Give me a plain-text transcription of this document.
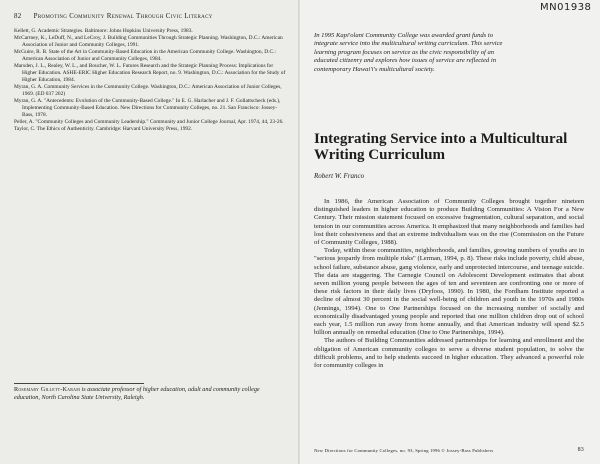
82 Promoting Community Renewal Through Civic Literacy

Kellett, G. Academic Strategies. Baltimore: Johns Hopkins University Press, 1983.

McCartney, K., LeDuff, N., and LeCroy, J. Building Communities Through Strategic Planning. Washington, D.C.: American Association of Junior and Community Colleges, 1991.

McGuire, R. B. State of the Art in Community-Based Education in the American Community College. Washington, D.C.: American Association of Junior and Community Colleges, 1984.

Marsden, J. L., Realey, W. L., and Boucher, W. L. Futures Research and the Strategic Planning Process: Implications for Higher Education. ASHE-ERIC Higher Education Research Report, no. 9. Washington, D.C.: Association for the Study of Higher Education, 1984.

Myran, G. A. Community Services in the Community College. Washington, D.C.: American Association of Junior Colleges, 1969. (ED 037 202)

Myran, G. A. "Antecedents: Evolution of the Community-Based College." In E. G. Harlacher and J. F. Gollattscheck (eds.), Implementing Community-Based Education. New Directions for Community Colleges, no. 21. San Francisco: Jossey-Bass, 1978.

Peller, A. "Community Colleges and Community Leadership." Community and Junior College Journal, Apr. 1974, 44, 23-26.

Taylor, C. The Ethics of Authenticity. Cambridge: Harvard University Press, 1992.

Rosemary Gillett-Karam is associate professor of higher education, adult and community college education, North Carolina State University, Raleigh.
In 1995 Kapi'olani Community College was awarded grant funds to integrate service into the multicultural writing curriculum. This service learning program focuses on service as the civic responsibility of an educated citizenry and explores how issues of service are reflected in contemporary Hawai'i's multicultural society.
Integrating Service into a Multicultural Writing Curriculum
Robert W. Franco

In 1986, the American Association of Community Colleges brought together nineteen distinguished leaders in higher education to produce Building Communities: A Vision For a New Century. Their mission statement focused on excessive fragmentation, cultural separation, and social tension in our communities across America. It emphasized that many neighborhoods and families had lost their cohesiveness and that an extreme individualism was on the rise (Commission on the Future of Community Colleges, 1988).

Today, within these communities, neighborhoods, and families, growing numbers of youths are in "serious jeopardy from multiple risks" (Lerman, 1994, p. 8). These risks include poverty, child abuse, school failure, substance abuse, gang violence, early and unprotected intercourse, and teenage suicide. The data are staggering. The Carnegie Council on Adolescent Development estimates that about seven million young people between the ages of ten and seventeen are confronting one or more of these risk factors in their daily lives (Dryfoos, 1990). In 1980, the Fordham Institute reported a decline of almost 30 percent in the social well-being of children and youth in the 1970s and 1980s (Jennings, 1994). One to One Partnerships focused on the increasing number of socially and economically disadvantaged young people and reported that one million children drop out of school each year, 1.5 million run away from home annually, and that American industry will spend $2.5 billion annually on remedial education (One to One Partnerships, 1994).

The authors of Building Communities addressed partnerships for learning and enrollment and the obligation of American community colleges to serve a diverse student population, to solve the difficult problems, and to help students succeed in higher education. They advanced a powerful role for community colleges in

New Directions for Community Colleges, no. 93, Spring 1996 © Jossey-Bass Publishers	83
MN01938
